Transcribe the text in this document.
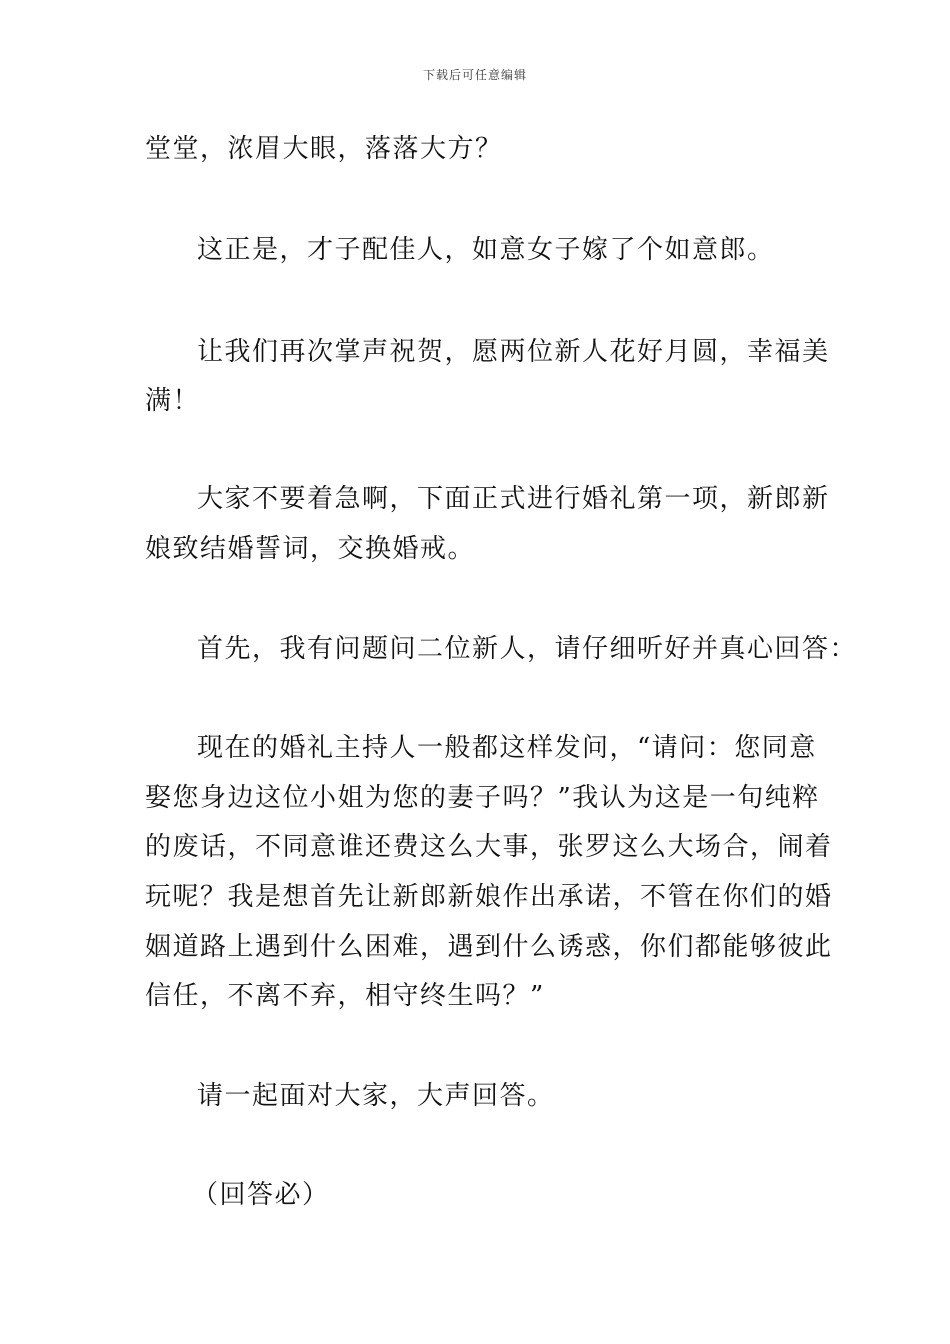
下载后可任意编辑
堂堂，浓眉大眼，落落大方？
这正是，才子配佳人，如意女子嫁了个如意郎。
让我们再次掌声祝贺，愿两位新人花好月圆，幸福美
满！
大家不要着急啊，下面正式进行婚礼第一项，新郎新
娘致结婚誓词，交换婚戒。
首先，我有问题问二位新人，请仔细听好并真心回答：
现在的婚礼主持人一般都这样发问，“请问：您同意
娶您身边这位小姐为您的妻子吗？”我认为这是一句纯粹
的废话，不同意谁还费这么大事，张罗这么大场合，闹着
玩呢？我是想首先让新郎新娘作出承诺，不管在你们的婚
姻道路上遇到什么困难，遇到什么诱惑，你们都能够彼此
信任，不离不弃，相守终生吗？”
请一起面对大家，大声回答。
（回答必）
